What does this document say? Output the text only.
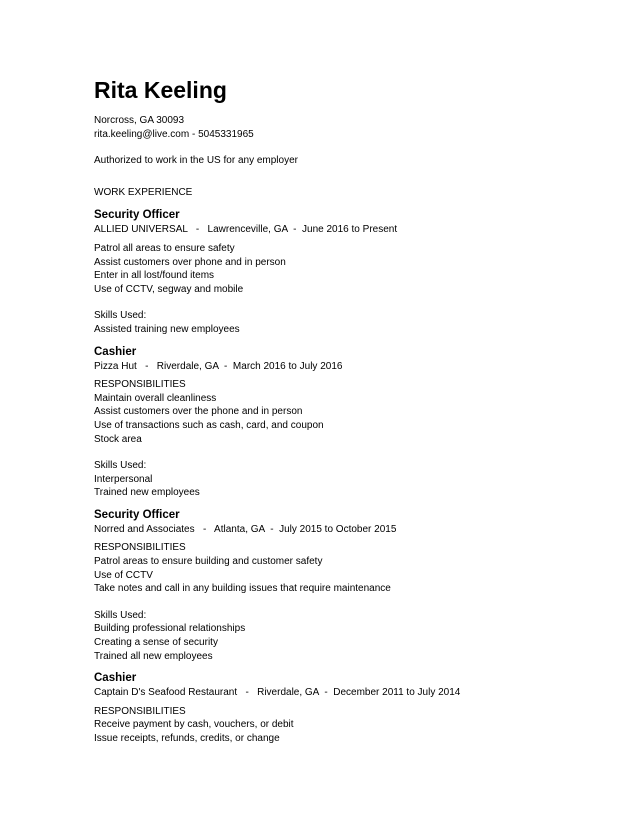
Rita Keeling
Norcross, GA 30093
rita.keeling@live.com - 5045331965
Authorized to work in the US for any employer
WORK EXPERIENCE
Security Officer
ALLIED UNIVERSAL   -   Lawrenceville, GA  -  June 2016 to Present
Patrol all areas to ensure safety
Assist customers over phone and in person
Enter in all lost/found items
Use of CCTV, segway and mobile
Skills Used:
Assisted training new employees
Cashier
Pizza Hut   -   Riverdale, GA  -  March 2016 to July 2016
RESPONSIBILITIES
Maintain overall cleanliness
Assist customers over the phone and in person
Use of transactions such as cash, card, and coupon
Stock area
Skills Used:
Interpersonal
Trained new employees
Security Officer
Norred and Associates   -   Atlanta, GA  -  July 2015 to October 2015
RESPONSIBILITIES
Patrol areas to ensure building and customer safety
Use of CCTV
Take notes and call in any building issues that require maintenance
Skills Used:
Building professional relationships
Creating a sense of security
Trained all new employees
Cashier
Captain D's Seafood Restaurant   -   Riverdale, GA  -  December 2011 to July 2014
RESPONSIBILITIES
Receive payment by cash, vouchers, or debit
Issue receipts, refunds, credits, or change
